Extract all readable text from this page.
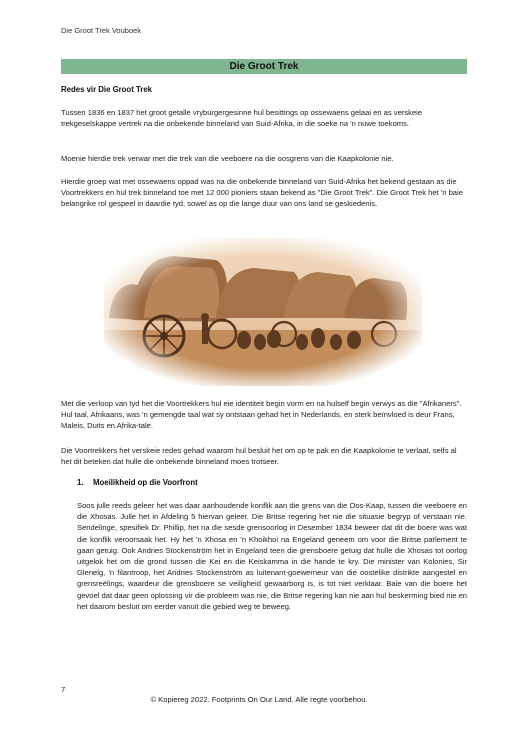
Die Groot Trek Vouboek
Die Groot Trek
Redes vir Die Groot Trek
Tussen 1836 en 1837 het groot getalle vryburgergesinne hul besittings op ossewaens gelaai en as verskeie trekgeselskappe vertrek na die onbekende binneland van Suid-Afrika, in die soeke na 'n nuwe toekoms.
Moenie hierdie trek verwar met die trek van die veeboere na die oosgrens van die Kaapkolonie nie.
Hierdie groep wat met ossewaens oppad was na die onbekende binneland van Suid-Afrika het bekend gestaan as die Voortrekkers en hul trek binneland toe met 12 000 pioniers staan bekend as "Die Groot Trek". Die Groot Trek het 'n baie belangrike rol gespeel in daardie tyd, sowel as op die lange duur van ons land se geskiedenis.
Met die verloop van tyd het die Voortrekkers hul eie identiteit begin vorm en na hulself begin verwys as die "Afrikaners". Hul taal, Afrikaans, was 'n gemengde taal wat sy ontstaan gehad het in Nederlands, en sterk beïnvloed is deur Frans, Maleis, Duits en Afrika-tale.
Die Voortrekkers het verskeie redes gehad waarom hul besluit het om op te pak en die Kaapkolonie te verlaat, selfs al het dit beteken dat hulle die onbekende binneland moes trotseer.
1. Moeilikheid op die Voorfront
Soos julle reeds geleer het was daar aanhoudende konflik aan die grens van die Oos-Kaap, tussen die veeboere en die Xhosas. Julle het in Afdeling 5 hiervan geleer. Die Britse regering het nie die situasie begryp of verstaan nie. Sendelinge, spesifiek Dr. Phillip, het na die sesde grensoorlog in Desember 1834 beweer dat dit die boere was wat die konflik veroorsaak het. Hy het 'n Xhosa en 'n Khoikhoi na Engeland geneem om voor die Britse parlement te gaan getuig. Ook Andries Stockenström het in Engeland teen die grensboere getuig dat hulle die Xhosas tot oorlog uitgelok het om die grond tussen die Kei en die Keiskamma in die hande te kry. Die minister van Kolonies, Sir Glenelg, 'n filantroop, het Andries Stockenström as luitenant-goewerneur van die oostelike distrikte aangestel en grensreëlings, waardeur die grensboere se veiligheid gewaarborg is, is tot niet verklaar. Baie van die boere het gevoel dat daar geen oplossing vir die probleem was nie, die Britse regering kan nie aan hul beskerming bied nie en het daarom besluit om eerder vanuit die gebied weg te beweeg.
7
© Kopiereg 2022. Footprints On Our Land. Alle regte voorbehou.
